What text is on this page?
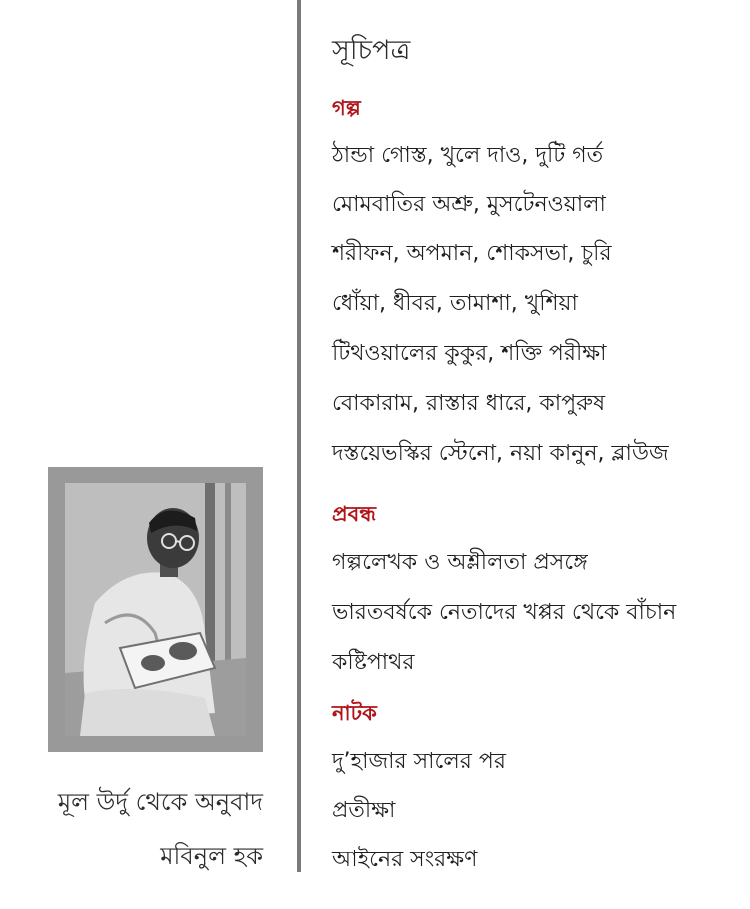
মূল উর্দু থেকে অনুবাদ
মবিনুল হক
সূচিপত্র
গল্প
ঠান্ডা গোস্ত, খুলে দাও, দুটি গর্ত
মোমবাতির অশ্রু, মুসটেনওয়ালা
শরীফন, অপমান, শোকসভা, চুরি
ধোঁয়া, ধীবর, তামাশা, খুশিয়া
টিথওয়ালের কুকুর, শক্তি পরীক্ষা
বোকারাম, রাস্তার ধারে, কাপুরুষ
দস্তয়েভস্কির স্টেনো, নয়া কানুন, ব্লাউজ
প্রবন্ধ
গল্পলেখক ও অশ্লীলতা প্রসঙ্গে
ভারতবর্ষকে নেতাদের খপ্পর থেকে বাঁচান
কষ্টিপাথর
নাটক
দু’হাজার সালের পর
প্রতীক্ষা
আইনের সংরক্ষণ
